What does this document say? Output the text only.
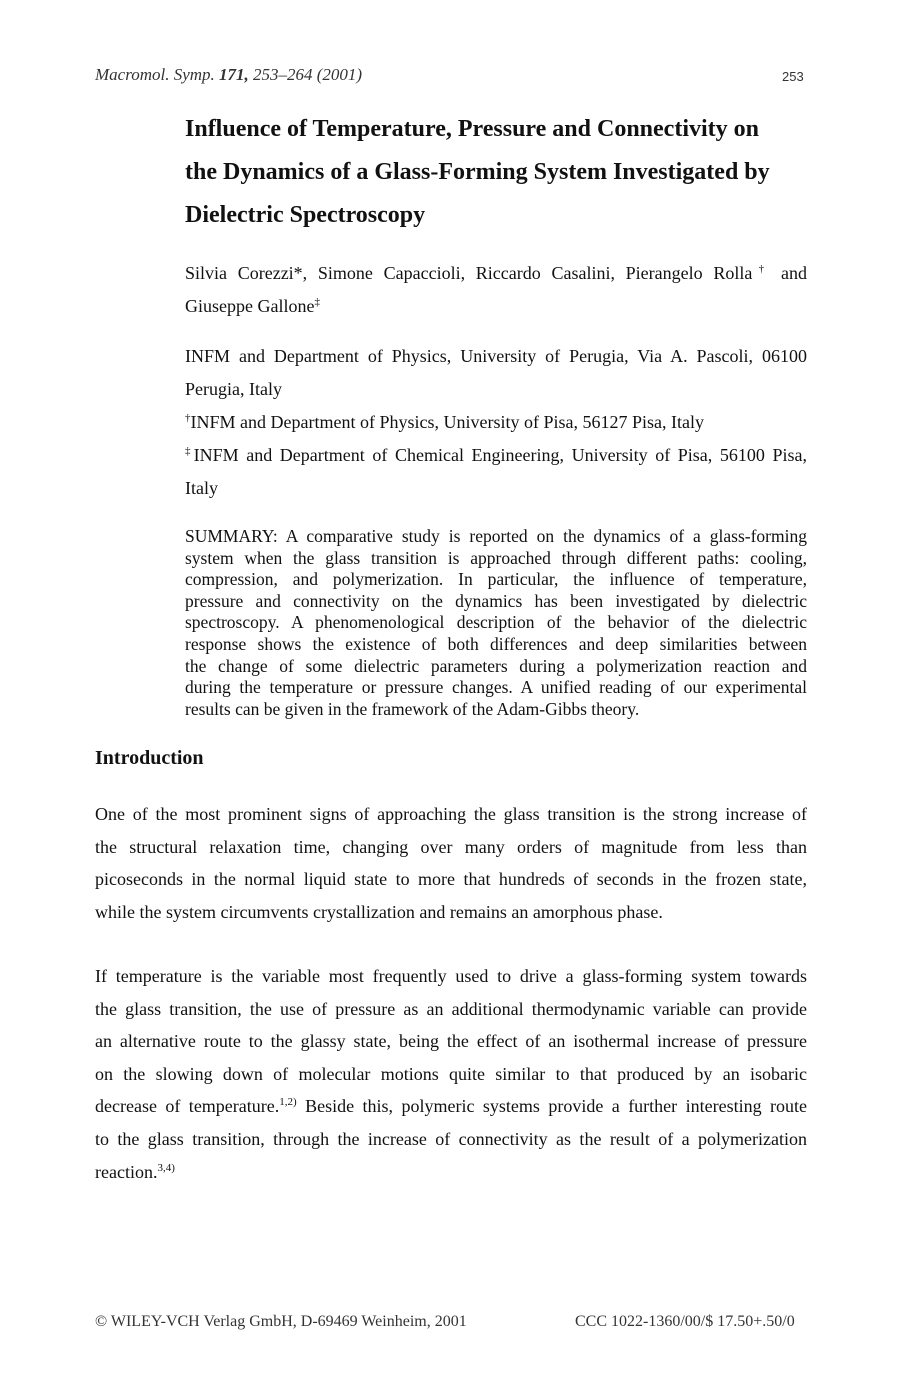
Macromol. Symp. 171, 253–264 (2001)	253
Influence of Temperature, Pressure and Connectivity on
the Dynamics of a Glass-Forming System Investigated by
Dielectric Spectroscopy
Silvia Corezzi*, Simone Capaccioli, Riccardo Casalini, Pierangelo Rolla† and
Giuseppe Gallone‡
INFM and Department of Physics, University of Perugia, Via A. Pascoli, 06100
Perugia, Italy
†INFM and Department of Physics, University of Pisa, 56127 Pisa, Italy
‡INFM and Department of Chemical Engineering, University of Pisa, 56100 Pisa,
Italy
SUMMARY: A comparative study is reported on the dynamics of a glass-forming
system when the glass transition is approached through different paths: cooling,
compression, and polymerization. In particular, the influence of temperature,
pressure and connectivity on the dynamics has been investigated by dielectric
spectroscopy. A phenomenological description of the behavior of the dielectric
response shows the existence of both differences and deep similarities between
the change of some dielectric parameters during a polymerization reaction and
during the temperature or pressure changes. A unified reading of our experimental
results can be given in the framework of the Adam-Gibbs theory.
Introduction
One of the most prominent signs of approaching the glass transition is the strong increase of
the structural relaxation time, changing over many orders of magnitude from less than
picoseconds in the normal liquid state to more that hundreds of seconds in the frozen state,
while the system circumvents crystallization and remains an amorphous phase.
If temperature is the variable most frequently used to drive a glass-forming system towards
the glass transition, the use of pressure as an additional thermodynamic variable can provide
an alternative route to the glassy state, being the effect of an isothermal increase of pressure
on the slowing down of molecular motions quite similar to that produced by an isobaric
decrease of temperature.$^{1,2)}$ Beside this, polymeric systems provide a further interesting route
to the glass transition, through the increase of connectivity as the result of a polymerization
reaction.$^{3,4)}$
© WILEY-VCH Verlag GmbH, D-69469 Weinheim, 2001	CCC 1022-1360/00/$ 17.50+.50/0
